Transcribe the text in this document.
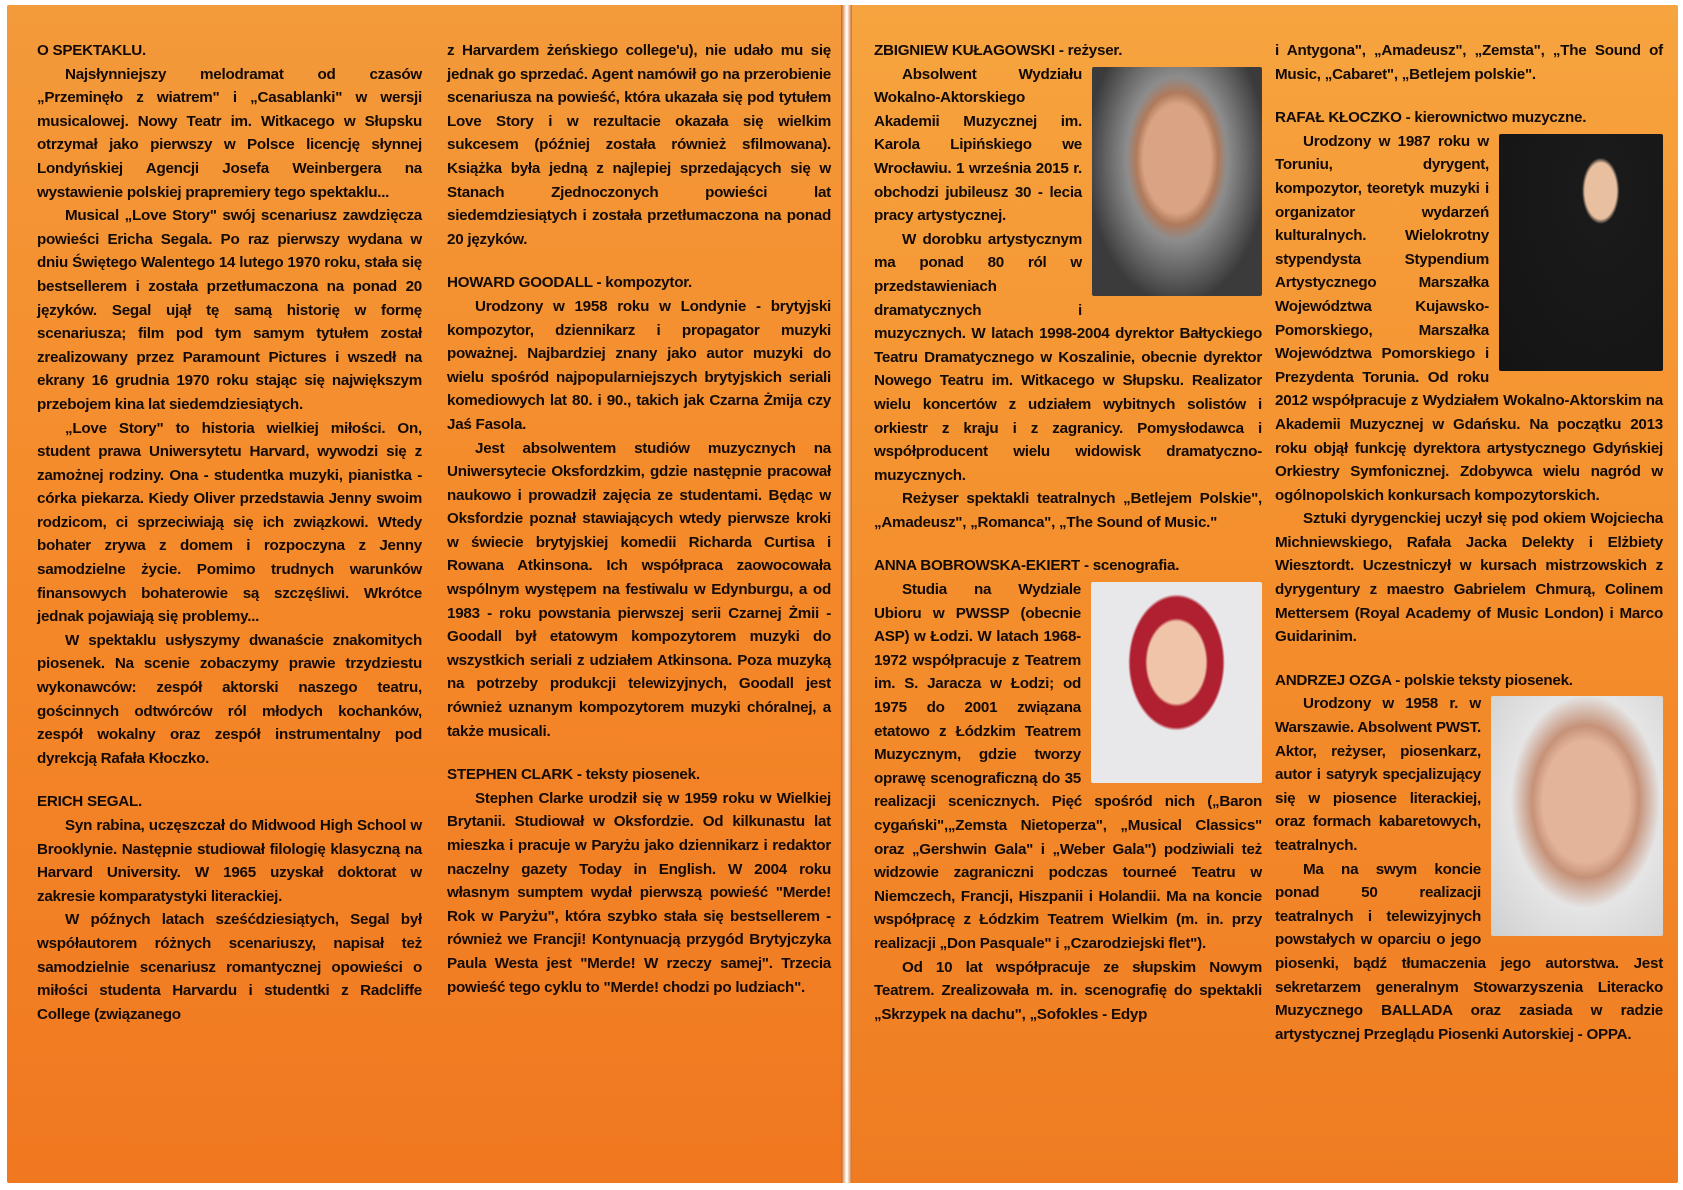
O SPEKTAKLU.

Najsłynniejszy melodramat od czasów „Przeminęło z wiatrem" i „Casablanki" w wersji musicalowej. Nowy Teatr im. Witkacego w Słupsku otrzymał jako pierwszy w Polsce licencję słynnej Londyńskiej Agencji Josefa Weinbergera na wystawienie polskiej prapremiery tego spektaklu...

Musical „Love Story" swój scenariusz zawdzięcza powieści Ericha Segala. Po raz pierwszy wydana w dniu Świętego Walentego 14 lutego 1970 roku, stała się bestsellerem i została przetłumaczona na ponad 20 języków. Segal ujął tę samą historię w formę scenariusza; film pod tym samym tytułem został zrealizowany przez Paramount Pictures i wszedł na ekrany 16 grudnia 1970 roku stając się największym przebojem kina lat siedemdziesiątych.

„Love Story" to historia wielkiej miłości. On, student prawa Uniwersytetu Harvard, wywodzi się z zamożnej rodziny. Ona - studentka muzyki, pianistka - córka piekarza. Kiedy Oliver przedstawia Jenny swoim rodzicom, ci sprzeciwiają się ich związkowi. Wtedy bohater zrywa z domem i rozpoczyna z Jenny samodzielne życie. Pomimo trudnych warunków finansowych bohaterowie są szczęśliwi. Wkrótce jednak pojawiają się problemy...

W spektaklu usłyszymy dwanaście znakomitych piosenek. Na scenie zobaczymy prawie trzydziestu wykonawców: zespół aktorski naszego teatru, gościnnych odtwórców ról młodych kochanków, zespół wokalny oraz zespół instrumentalny pod dyrekcją Rafała Kłoczko.

ERICH SEGAL.

Syn rabina, uczęszczał do Midwood High School w Brooklynie. Następnie studiował filologię klasyczną na Harvard University. W 1965 uzyskał doktorat w zakresie komparatystyki literackiej.

W późnych latach sześćdziesiątych, Segal był współautorem różnych scenariuszy, napisał też samodzielnie scenariusz romantycznej opowieści o miłości studenta Harvardu i studentki z Radcliffe College (związanego

z Harvardem żeńskiego college'u), nie udało mu się jednak go sprzedać. Agent namówił go na przerobienie scenariusza na powieść, która ukazała się pod tytułem Love Story i w rezultacie okazała się wielkim sukcesem (później została również sfilmowana). Książka była jedną z najlepiej sprzedających się w Stanach Zjednoczonych powieści lat siedemdziesiątych i została przetłumaczona na ponad 20 języków.

HOWARD GOODALL - kompozytor.

Urodzony w 1958 roku w Londynie - brytyjski kompozytor, dziennikarz i propagator muzyki poważnej. Najbardziej znany jako autor muzyki do wielu spośród najpopularniejszych brytyjskich seriali komediowych lat 80. i 90., takich jak Czarna Żmija czy Jaś Fasola.

Jest absolwentem studiów muzycznych na Uniwersytecie Oksfordzkim, gdzie następnie pracował naukowo i prowadził zajęcia ze studentami. Będąc w Oksfordzie poznał stawiających wtedy pierwsze kroki w świecie brytyjskiej komedii Richarda Curtisa i Rowana Atkinsona. Ich współpraca zaowocowała wspólnym występem na festiwalu w Edynburgu, a od 1983 - roku powstania pierwszej serii Czarnej Żmii - Goodall był etatowym kompozytorem muzyki do wszystkich seriali z udziałem Atkinsona. Poza muzyką na potrzeby produkcji telewizyjnych, Goodall jest również uznanym kompozytorem muzyki chóralnej, a także musicali.

STEPHEN CLARK - teksty piosenek.

Stephen Clarke urodził się w 1959 roku w Wielkiej Brytanii. Studiował w Oksfordzie. Od kilkunastu lat mieszka i pracuje w Paryżu jako dziennikarz i redaktor naczelny gazety Today in English. W 2004 roku własnym sumptem wydał pierwszą powieść "Merde! Rok w Paryżu", która szybko stała się bestsellerem - również we Francji! Kontynuacją przygód Brytyjczyka Paula Westa jest "Merde! W rzeczy samej". Trzecia powieść tego cyklu to "Merde! chodzi po ludziach".

ZBIGNIEW KUŁAGOWSKI - reżyser.

Absolwent Wydziału Wokalno-Aktorskiego Akademii Muzycznej im. Karola Lipińskiego we Wrocławiu. 1 września 2015 r. obchodzi jubileusz 30 - lecia pracy artystycznej.

W dorobku artystycznym ma ponad 80 ról w przedstawieniach dramatycznych i muzycznych. W latach 1998-2004 dyrektor Bałtyckiego Teatru Dramatycznego w Koszalinie, obecnie dyrektor Nowego Teatru im. Witkacego w Słupsku. Realizator wielu koncertów z udziałem wybitnych solistów i orkiestr z kraju i z zagranicy. Pomysłodawca i współproducent wielu widowisk dramatyczno-muzycznych.

Reżyser spektakli teatralnych „Betlejem Polskie", „Amadeusz", „Romanca", „The Sound of Music."

ANNA BOBROWSKA-EKIERT - scenografia.

Studia na Wydziale Ubioru w PWSSP (obecnie ASP) w Łodzi. W latach 1968-1972 współpracuje z Teatrem im. S. Jaracza w Łodzi; od 1975 do 2001 związana etatowo z Łódzkim Teatrem Muzycznym, gdzie tworzy oprawę scenograficzną do 35 realizacji scenicznych. Pięć spośród nich („Baron cygański",„Zemsta Nietoperza", „Musical Classics" oraz „Gershwin Gala" i „Weber Gala") podziwiali też widzowie zagraniczni podczas tourneé Teatru w Niemczech, Francji, Hiszpanii i Holandii. Ma na koncie współpracę z Łódzkim Teatrem Wielkim (m. in. przy realizacji „Don Pasquale" i „Czarodziejski flet").

Od 10 lat współpracuje ze słupskim Nowym Teatrem. Zrealizowała m. in. scenografię do spektakli „Skrzypek na dachu", „Sofokles - Edyp

i Antygona", „Amadeusz", „Zemsta", „The Sound of Music, „Cabaret", „Betlejem polskie".

RAFAŁ KŁOCZKO - kierownictwo muzyczne.

Urodzony w 1987 roku w Toruniu, dyrygent, kompozytor, teoretyk muzyki i organizator wydarzeń kulturalnych. Wielokrotny stypendysta Stypendium Artystycznego Marszałka Województwa Kujawsko-Pomorskiego, Marszałka Województwa Pomorskiego i Prezydenta Torunia. Od roku 2012 współpracuje z Wydziałem Wokalno-Aktorskim na Akademii Muzycznej w Gdańsku. Na początku 2013 roku objął funkcję dyrektora artystycznego Gdyńskiej Orkiestry Symfonicznej. Zdobywca wielu nagród w ogólnopolskich konkursach kompozytorskich.

Sztuki dyrygenckiej uczył się pod okiem Wojciecha Michniewskiego, Rafała Jacka Delekty i Elżbiety Wiesztordt. Uczestniczył w kursach mistrzowskich z dyrygentury z maestro Gabrielem Chmurą, Colinem Mettersem (Royal Academy of Music London) i Marco Guidarinim.

ANDRZEJ OZGA - polskie teksty piosenek.

Urodzony w 1958 r. w Warszawie. Absolwent PWST. Aktor, reżyser, piosenkarz, autor i satyryk specjalizujący się w piosence literackiej, oraz formach kabaretowych, teatralnych.

Ma na swym koncie ponad 50 realizacji teatralnych i telewizyjnych powstałych w oparciu o jego piosenki, bądź tłumaczenia jego autorstwa. Jest sekretarzem generalnym Stowarzyszenia Literacko Muzycznego BALLADA oraz zasiada w radzie artystycznej Przeglądu Piosenki Autorskiej - OPPA.
